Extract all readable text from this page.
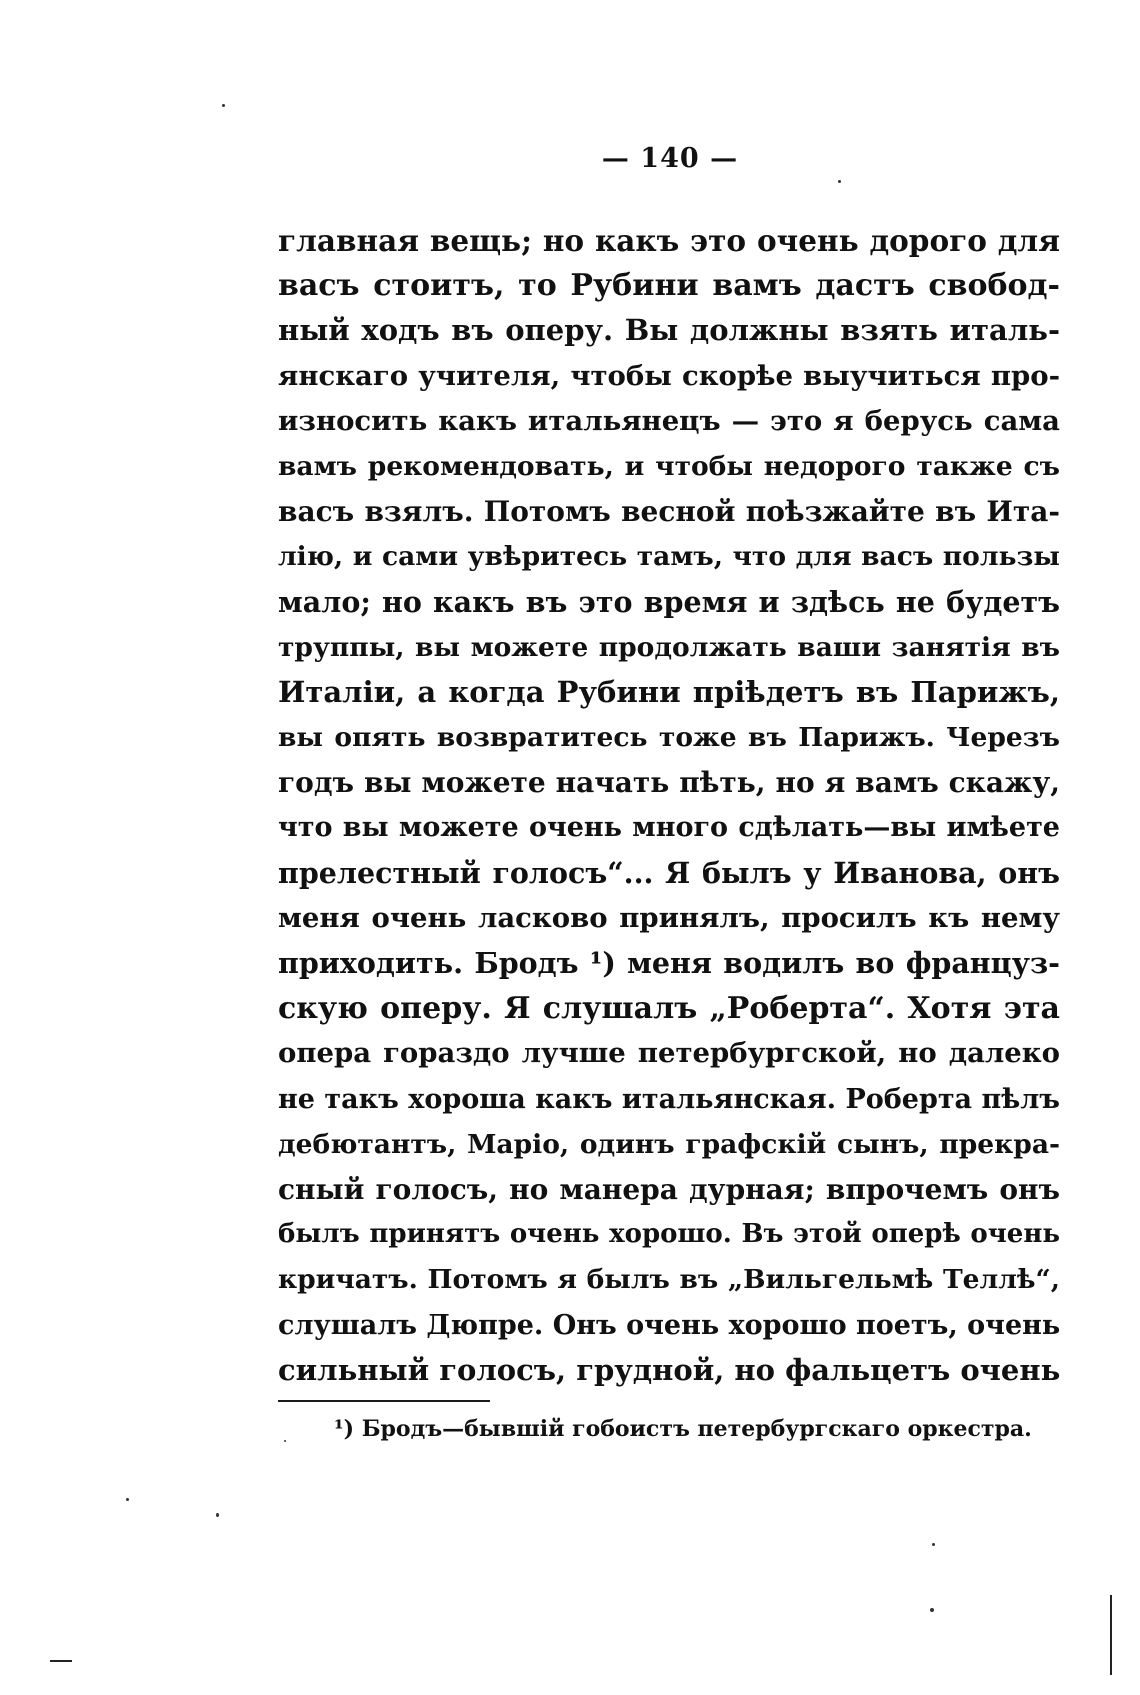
— 140 —
главная вещь; но какъ это очень дорого для
васъ стоитъ, то Рубини вамъ дастъ свобод-
ный ходъ въ оперу. Вы должны взять италь-
янскаго учителя, чтобы скорѣе выучиться про-
износить какъ итальянецъ — это я берусь сама
вамъ рекомендовать, и чтобы недорого также съ
васъ взялъ. Потомъ весной поѣзжайте въ Ита-
лію, и сами увѣритесь тамъ, что для васъ пользы
мало; но какъ въ это время и здѣсь не будетъ
труппы, вы можете продолжать ваши занятія въ
Италіи, а когда Рубини пріѣдетъ въ Парижъ,
вы опять возвратитесь тоже въ Парижъ. Черезъ
годъ вы можете начать пѣть, но я вамъ скажу,
что вы можете очень много сдѣлать—вы имѣете
прелестный голосъ“... Я былъ у Иванова, онъ
меня очень ласково принялъ, просилъ къ нему
приходить. Бродъ ¹) меня водилъ во француз-
скую оперу. Я слушалъ „Роберта“. Хотя эта
опера гораздо лучше петербургской, но далеко
не такъ хороша какъ итальянская. Роберта пѣлъ
дебютантъ, Маріо, одинъ графскій сынъ, прекра-
сный голосъ, но манера дурная; впрочемъ онъ
былъ принятъ очень хорошо. Въ этой оперѣ очень
кричатъ. Потомъ я былъ въ „Вильгельмѣ Теллѣ“,
слушалъ Дюпре. Онъ очень хорошо поетъ, очень
сильный голосъ, грудной, но фальцетъ очень
¹) Бродъ—бывшій гобоистъ петербургскаго оркестра.
